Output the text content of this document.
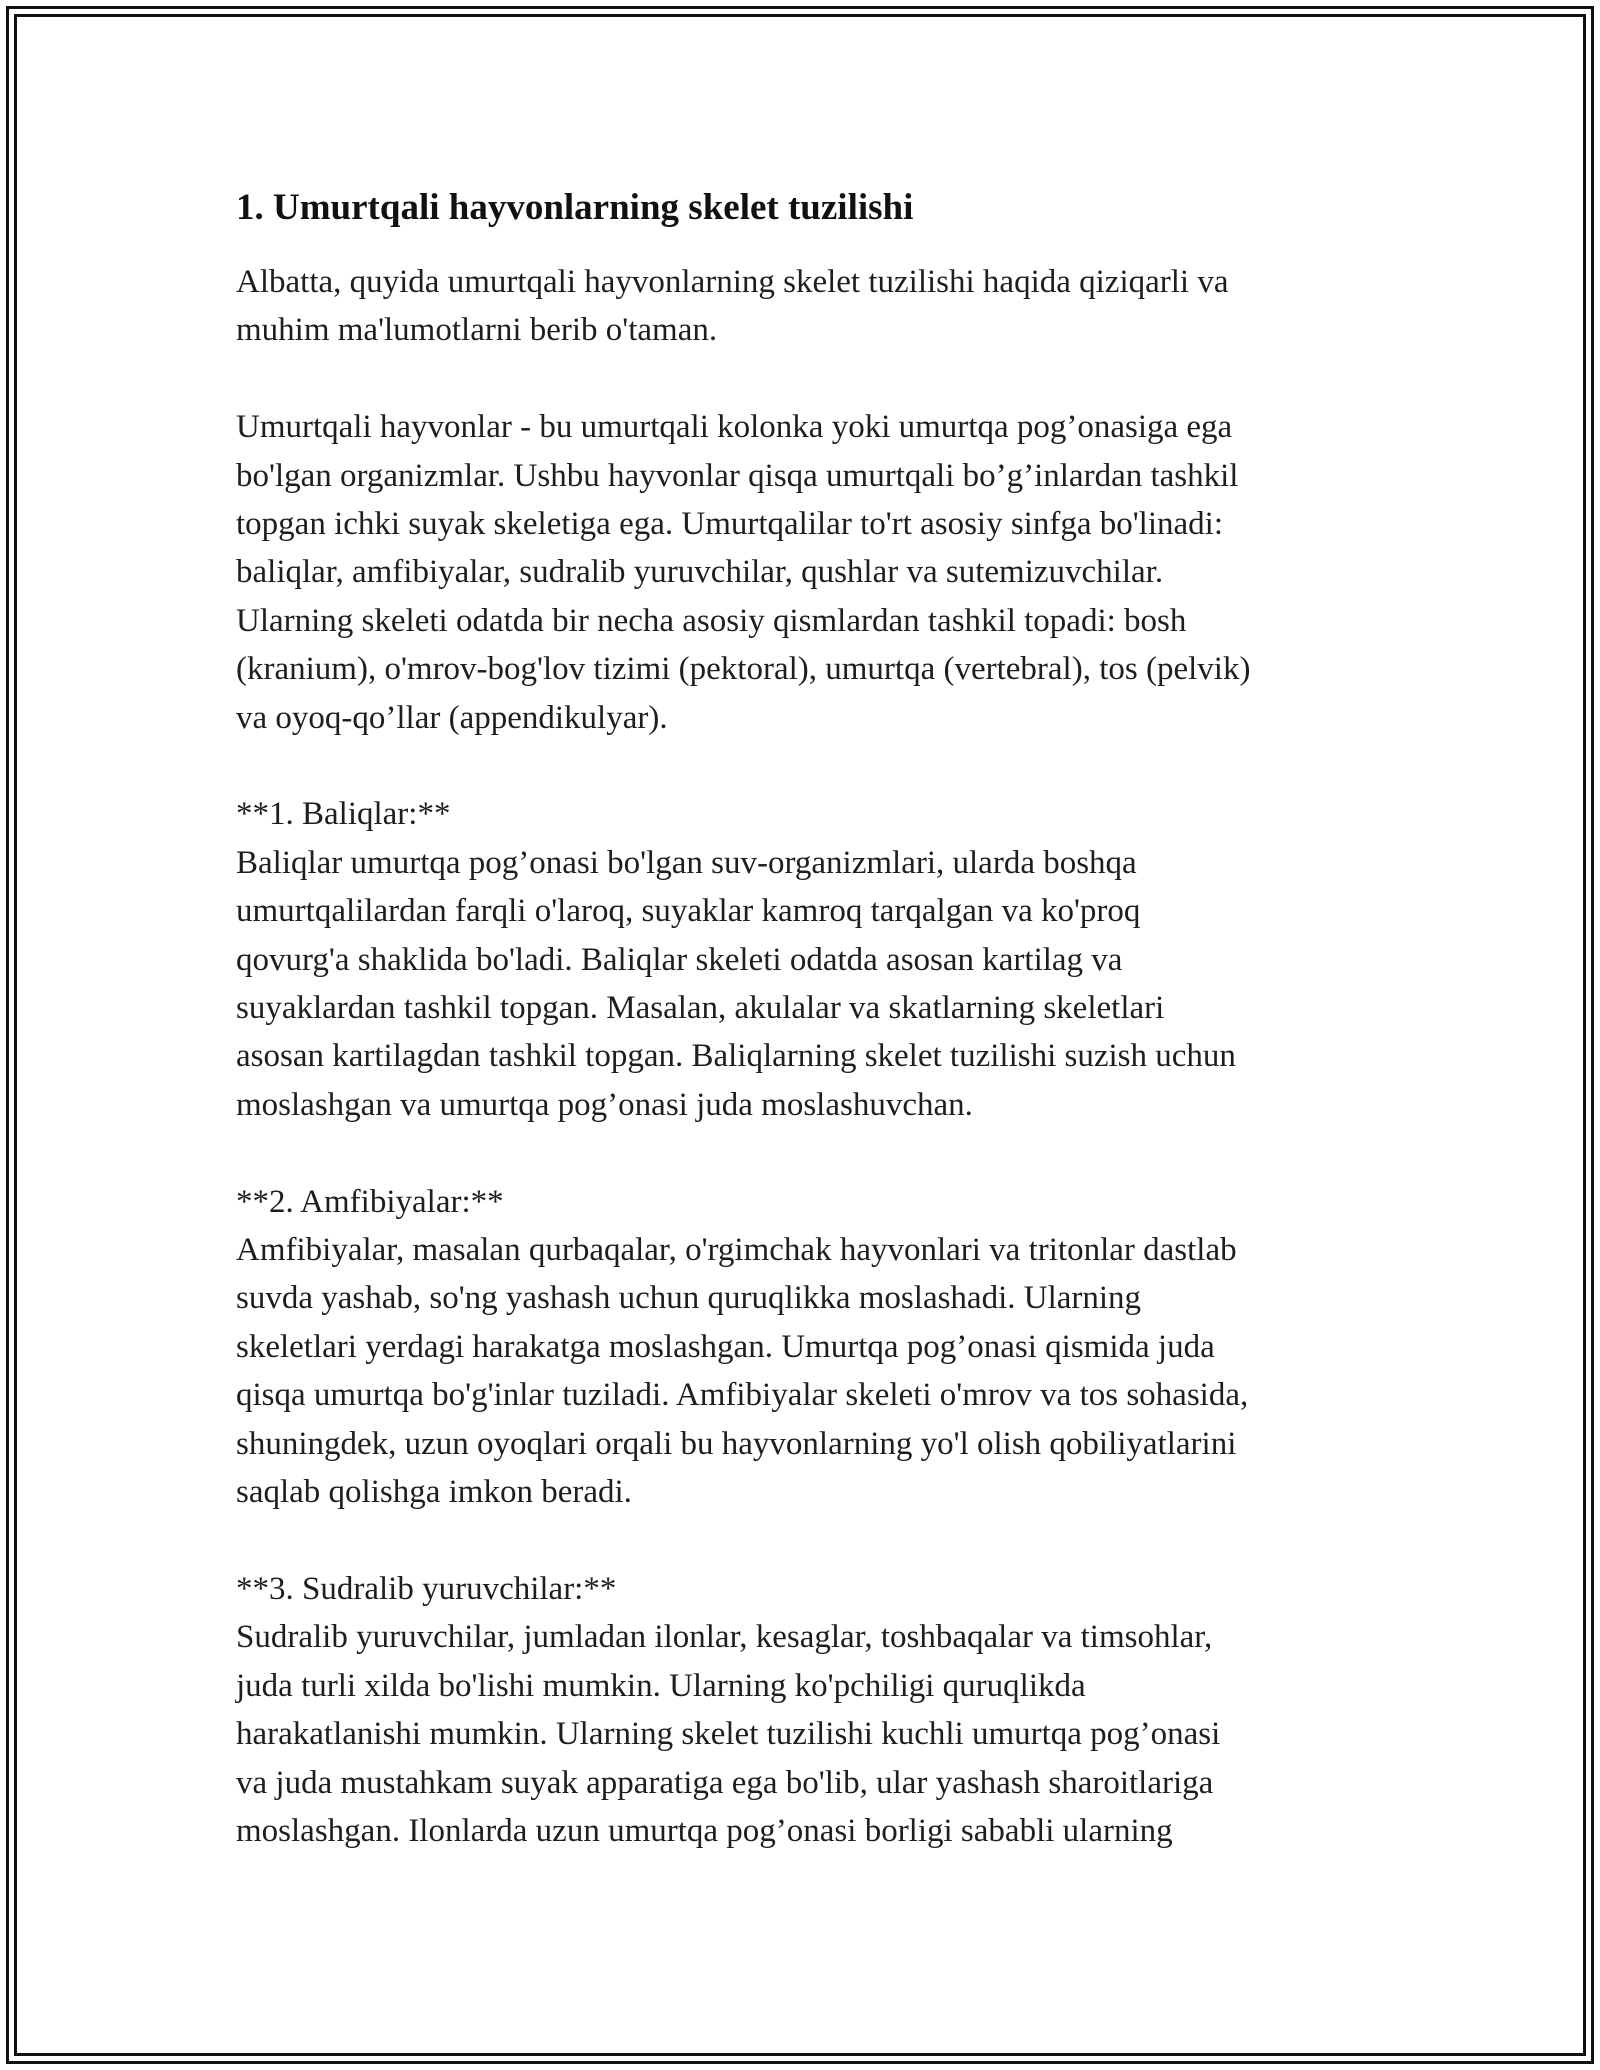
1. Umurtqali hayvonlarning skelet tuzilishi

Albatta, quyida umurtqali hayvonlarning skelet tuzilishi haqida qiziqarli va
muhim ma'lumotlarni berib o'taman.

Umurtqali hayvonlar - bu umurtqali kolonka yoki umurtqa pog’onasiga ega
bo'lgan organizmlar. Ushbu hayvonlar qisqa umurtqali bo’g’inlardan tashkil
topgan ichki suyak skeletiga ega. Umurtqalilar to'rt asosiy sinfga bo'linadi:
baliqlar, amfibiyalar, sudralib yuruvchilar, qushlar va sutemizuvchilar.
Ularning skeleti odatda bir necha asosiy qismlardan tashkil topadi: bosh
(kranium), o'mrov-bog'lov tizimi (pektoral), umurtqa (vertebral), tos (pelvik)
va oyoq-qo’llar (appendikulyar).

**1. Baliqlar:**

Baliqlar umurtqa pog’onasi bo'lgan suv-organizmlari, ularda boshqa
umurtqalilardan farqli o'laroq, suyaklar kamroq tarqalgan va ko'proq
qovurg'a shaklida bo'ladi. Baliqlar skeleti odatda asosan kartilag va
suyaklardan tashkil topgan. Masalan, akulalar va skatlarning skeletlari
asosan kartilagdan tashkil topgan. Baliqlarning skelet tuzilishi suzish uchun
moslashgan va umurtqa pog’onasi juda moslashuvchan.

**2. Amfibiyalar:**

Amfibiyalar, masalan qurbaqalar, o'rgimchak hayvonlari va tritonlar dastlab
suvda yashab, so'ng yashash uchun quruqlikka moslashadi. Ularning
skeletlari yerdagi harakatga moslashgan. Umurtqa pog’onasi qismida juda
qisqa umurtqa bo'g'inlar tuziladi. Amfibiyalar skeleti o'mrov va tos sohasida,
shuningdek, uzun oyoqlari orqali bu hayvonlarning yo'l olish qobiliyatlarini
saqlab qolishga imkon beradi.

**3. Sudralib yuruvchilar:**

Sudralib yuruvchilar, jumladan ilonlar, kesaglar, toshbaqalar va timsohlar,
juda turli xilda bo'lishi mumkin. Ularning ko'pchiligi quruqlikda
harakatlanishi mumkin. Ularning skelet tuzilishi kuchli umurtqa pog’onasi
va juda mustahkam suyak apparatiga ega bo'lib, ular yashash sharoitlariga
moslashgan. Ilonlarda uzun umurtqa pog’onasi borligi sababli ularning
